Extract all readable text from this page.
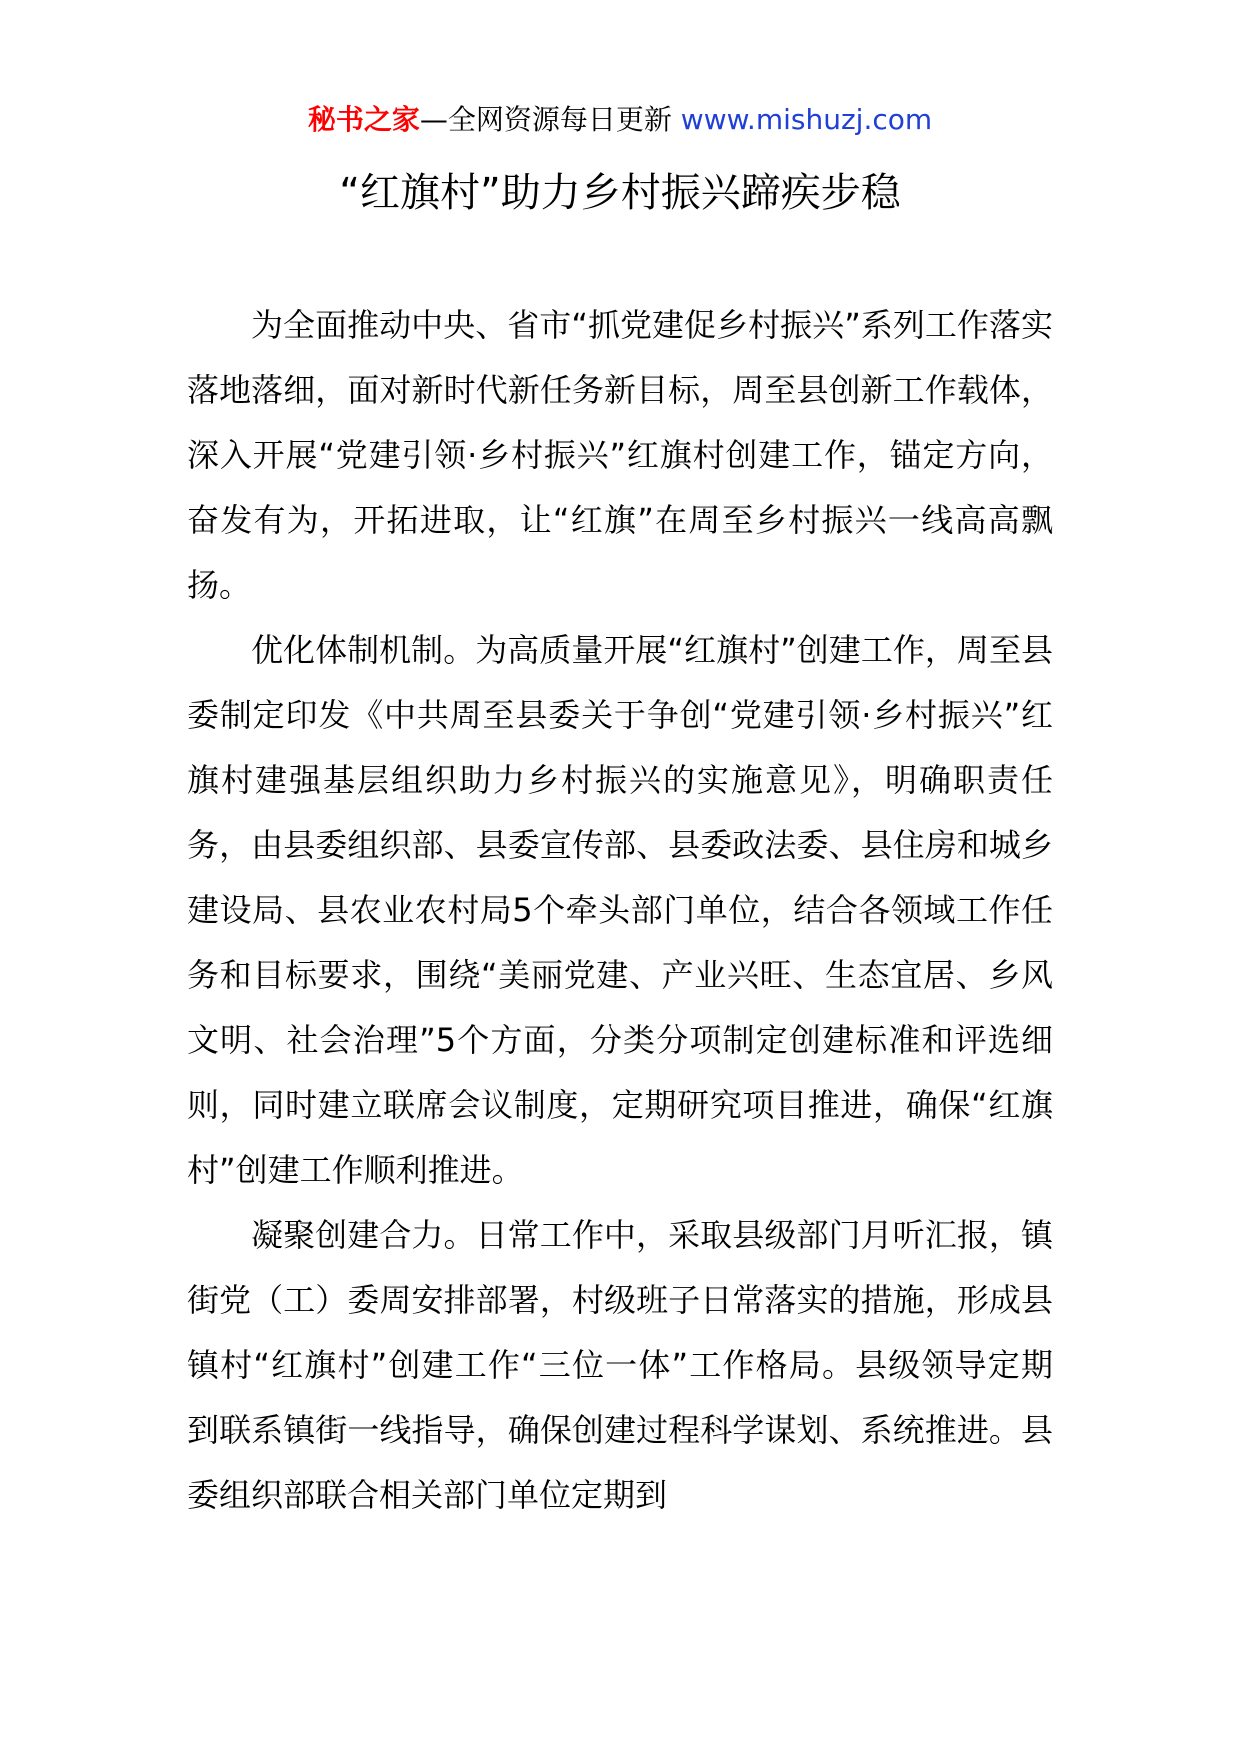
秘书之家—全网资源每日更新 www.mishuzj.com
“红旗村”助力乡村振兴蹄疾步稳

为全面推动中央、省市“抓党建促乡村振兴”系列工作落实落地落细，面对新时代新任务新目标，周至县创新工作载体，深入开展“党建引领·乡村振兴”红旗村创建工作，锚定方向，奋发有为，开拓进取，让“红旗”在周至乡村振兴一线高高飘扬。

优化体制机制。为高质量开展“红旗村”创建工作，周至县委制定印发《中共周至县委关于争创“党建引领·乡村振兴”红旗村建强基层组织助力乡村振兴的实施意见》，明确职责任务，由县委组织部、县委宣传部、县委政法委、县住房和城乡建设局、县农业农村局5个牵头部门单位，结合各领域工作任务和目标要求，围绕“美丽党建、产业兴旺、生态宜居、乡风文明、社会治理”5个方面，分类分项制定创建标准和评选细则，同时建立联席会议制度，定期研究项目推进，确保“红旗村”创建工作顺利推进。

凝聚创建合力。日常工作中，采取县级部门月听汇报，镇街党（工）委周安排部署，村级班子日常落实的措施，形成县镇村“红旗村”创建工作“三位一体”工作格局。县级领导定期到联系镇街一线指导，确保创建过程科学谋划、系统推进。县委组织部联合相关部门单位定期到
